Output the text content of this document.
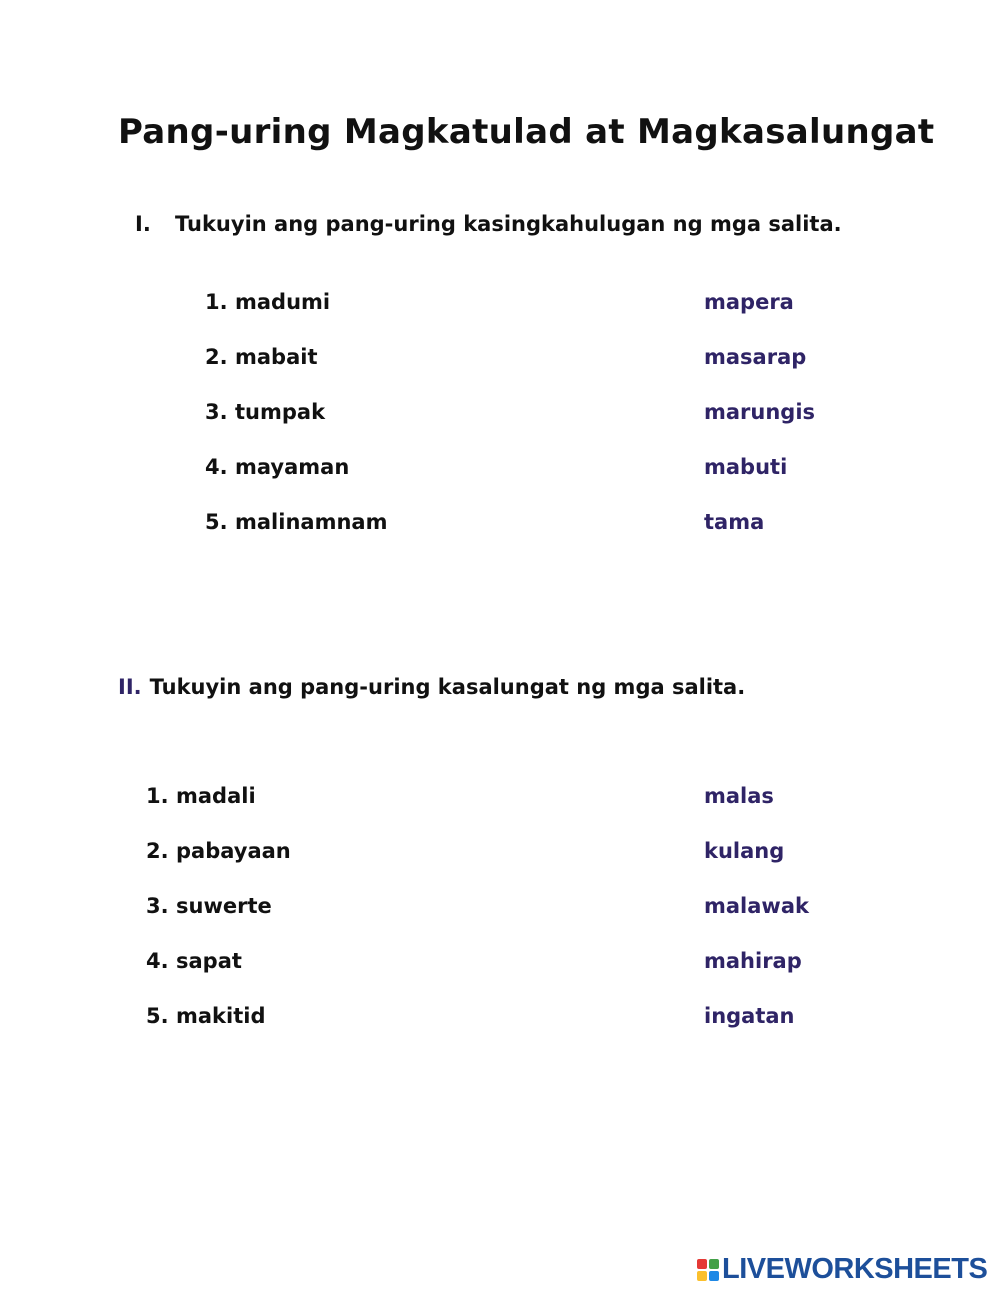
Pang-uring Magkatulad at Magkasalungat
I. Tukuyin ang pang-uring kasingkahulugan ng mga salita.
1. madumi
2. mabait
3. tumpak
4. mayaman
5. malinamnam
mapera
masarap
marungis
mabuti
tama
II. Tukuyin ang pang-uring kasalungat ng mga salita.
1. madali
2. pabayaan
3. suwerte
4. sapat
5. makitid
malas
kulang
malawak
mahirap
ingatan
LIVEWORKSHEETS
